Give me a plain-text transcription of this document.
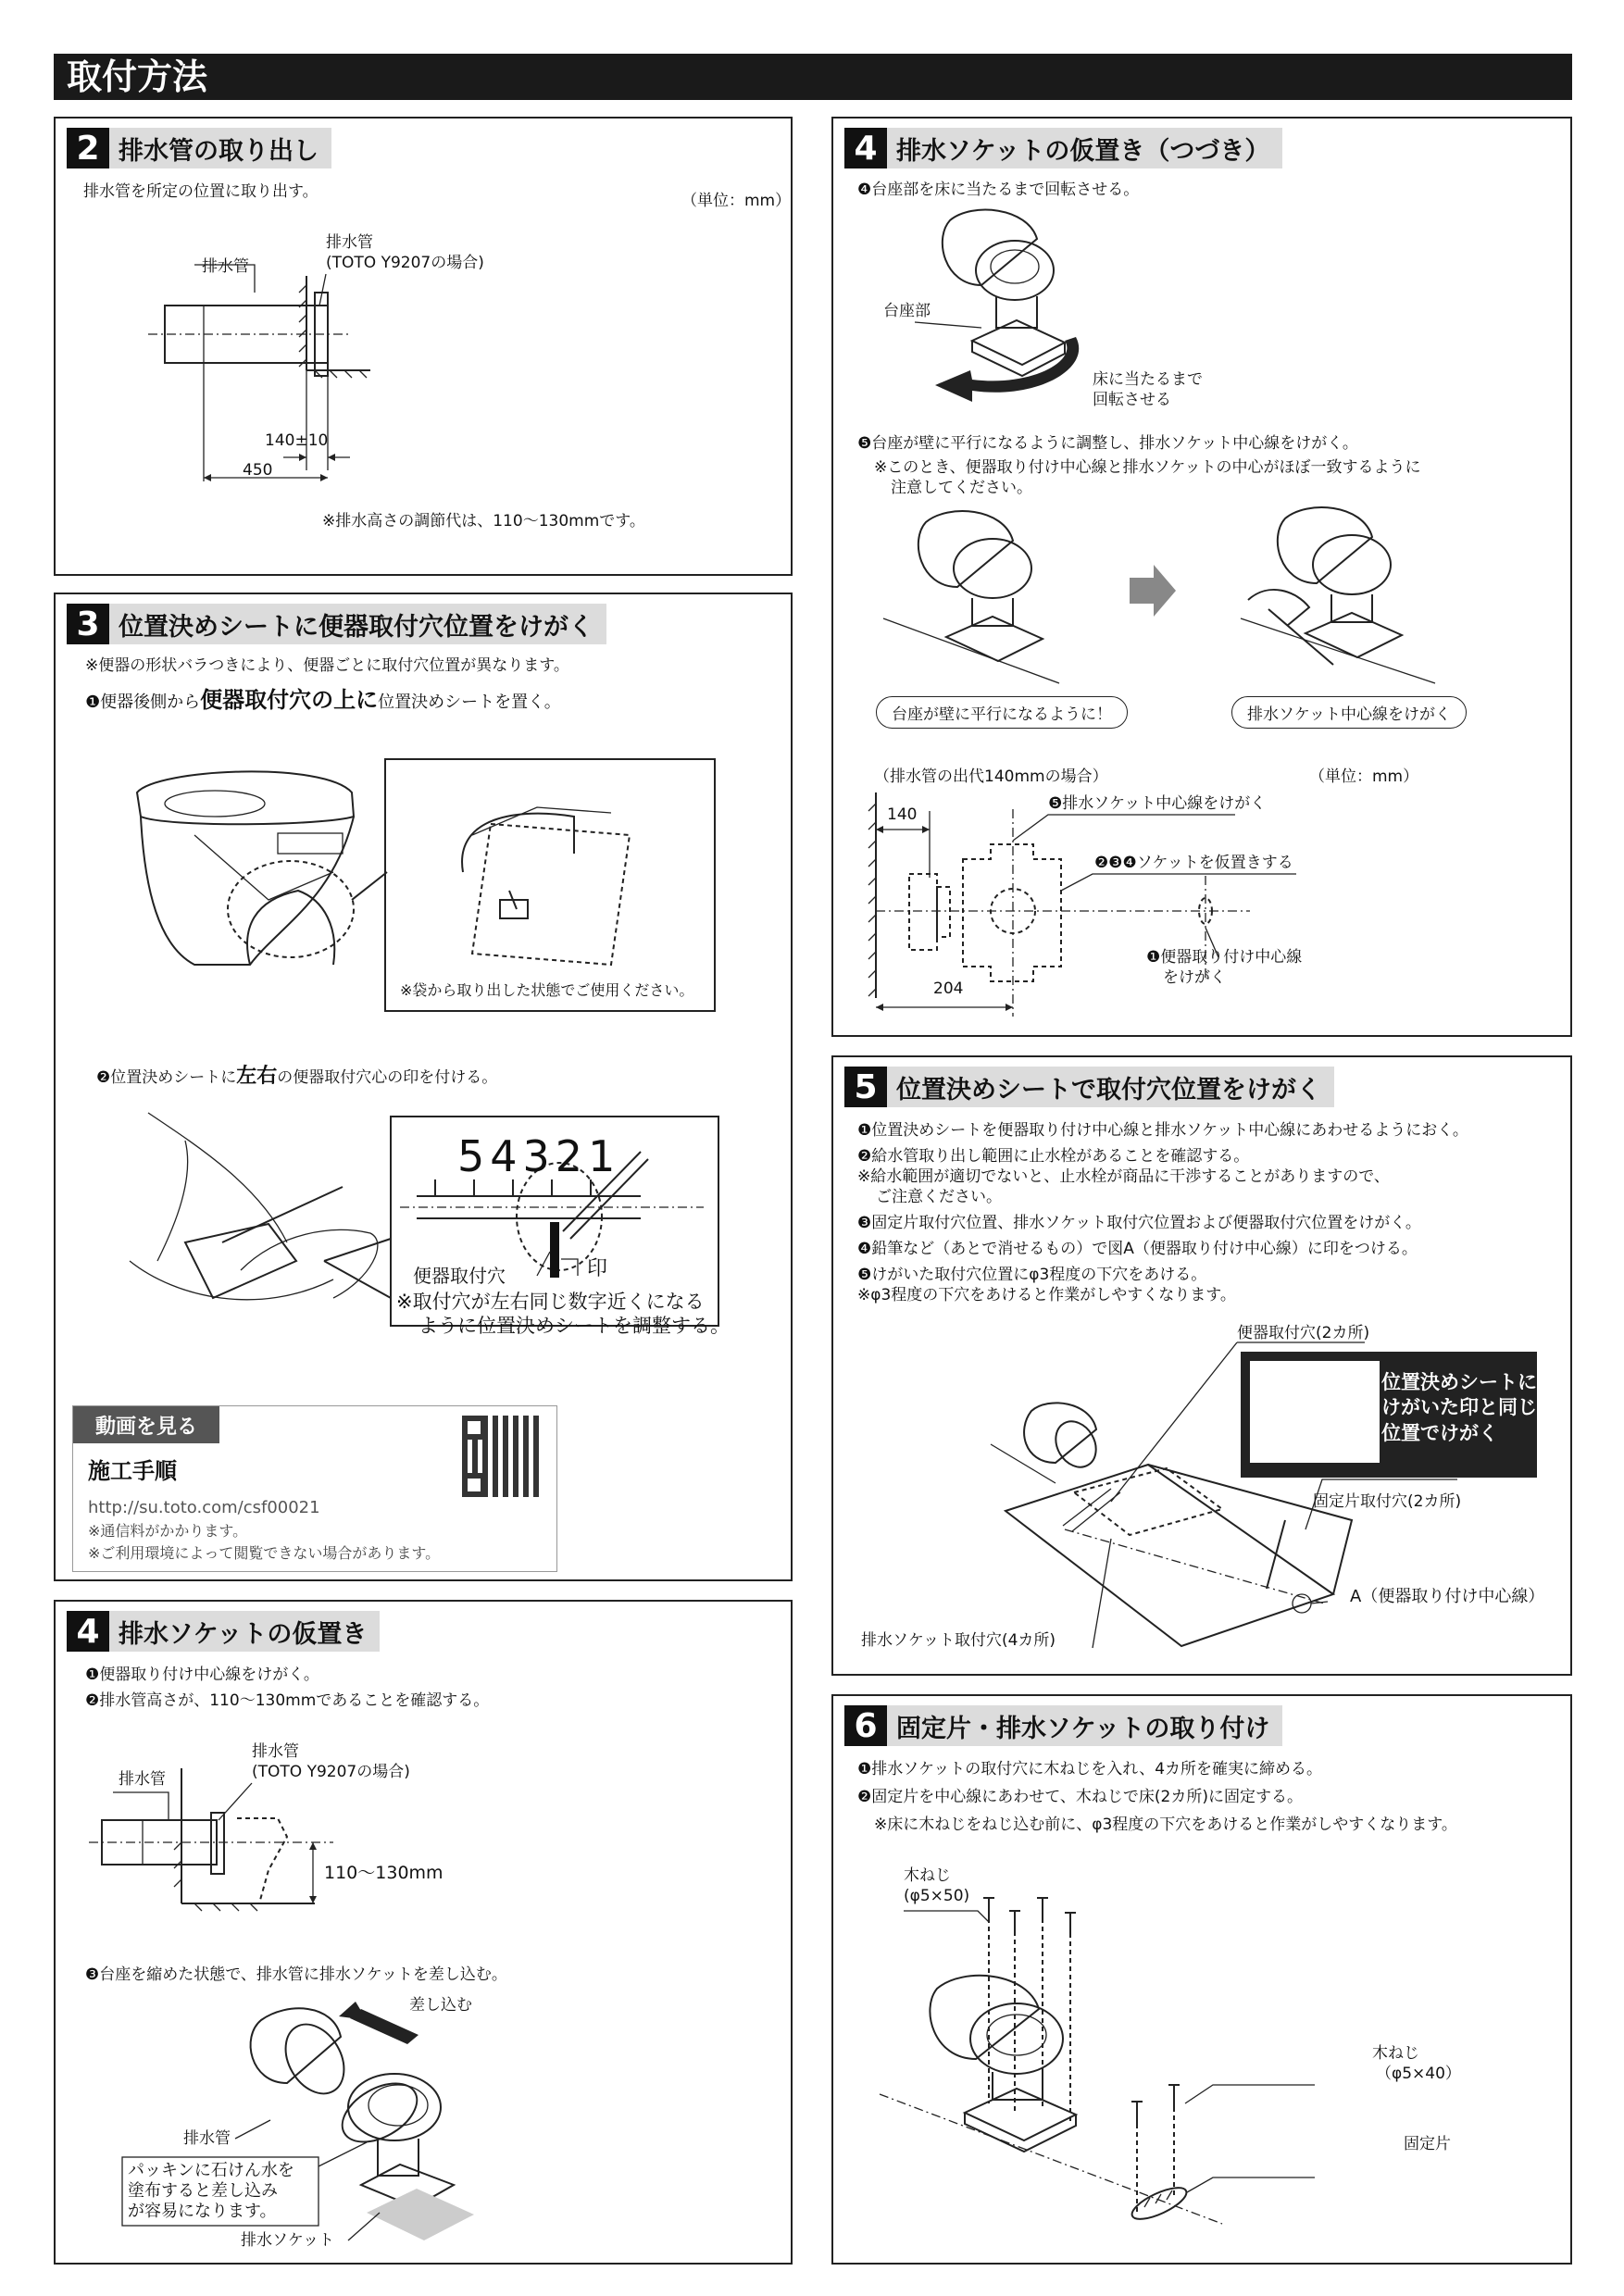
取付方法
2 排水管の取り出し
排水管を所定の位置に取り出す。	（単位：mm）
排水管
排水管
(TOTO Y9207の場合)
140±10
450
※排水高さの調節代は、110～130mmです。
3 位置決めシートに便器取付穴位置をけがく
※便器の形状バラつきにより、便器ごとに取付穴位置が異なります。
❶便器後側から便器取付穴の上に位置決めシートを置く。
※袋から取り出した状態でご使用ください。
❷位置決めシートに左右の便器取付穴心の印を付ける。
54321
便器取付穴	印
※取付穴が左右同じ数字近くになる
ように位置決めシートを調整する。
動画を見る
施工手順
http://su.toto.com/csf00021
※通信料がかかります。
※ご利用環境によって閲覧できない場合があります。
4 排水ソケットの仮置き
❶便器取り付け中心線をけがく。
❷排水管高さが、110～130mmであることを確認する。
排水管
(TOTO Y9207の場合)
排水管
110～130mm
❸台座を縮めた状態で、排水管に排水ソケットを差し込む。
差し込む
排水管
パッキンに石けん水を
塗布すると差し込み
が容易になります。
排水ソケット
4 排水ソケットの仮置き（つづき）
❹台座部を床に当たるまで回転させる。
台座部
床に当たるまで
回転させる
❺台座が壁に平行になるように調整し、排水ソケット中心線をけがく。
※このとき、便器取り付け中心線と排水ソケットの中心がほぼ一致するように
注意してください。
台座が壁に平行になるように！	排水ソケット中心線をけがく
（排水管の出代140mmの場合）	（単位：mm）
140
❺排水ソケット中心線をけがく
❷❸❹ソケットを仮置きする
❶便器取り付け中心線
をけがく
204
5 位置決めシートで取付穴位置をけがく
❶位置決めシートを便器取り付け中心線と排水ソケット中心線にあわせるようにおく。
❷給水管取り出し範囲に止水栓があることを確認する。
※給水範囲が適切でないと、止水栓が商品に干渉することがありますので、
ご注意ください。
❸固定片取付穴位置、排水ソケット取付穴位置および便器取付穴位置をけがく。
❹鉛筆など（あとで消せるもの）で図A（便器取り付け中心線）に印をつける。
❺けがいた取付穴位置にφ3程度の下穴をあける。
※φ3程度の下穴をあけると作業がしやすくなります。
便器取付穴(2カ所)
位置決めシートに
けがいた印と同じ
位置でけがく
固定片取付穴(2カ所)
A（便器取り付け中心線）
排水ソケット取付穴(4カ所)
6 固定片・排水ソケットの取り付け
❶排水ソケットの取付穴に木ねじを入れ、4カ所を確実に締める。
❷固定片を中心線にあわせて、木ねじで床(2カ所)に固定する。
※床に木ねじをねじ込む前に、φ3程度の下穴をあけると作業がしやすくなります。
木ねじ
(φ5×50)
木ねじ
（φ5×40）
固定片
